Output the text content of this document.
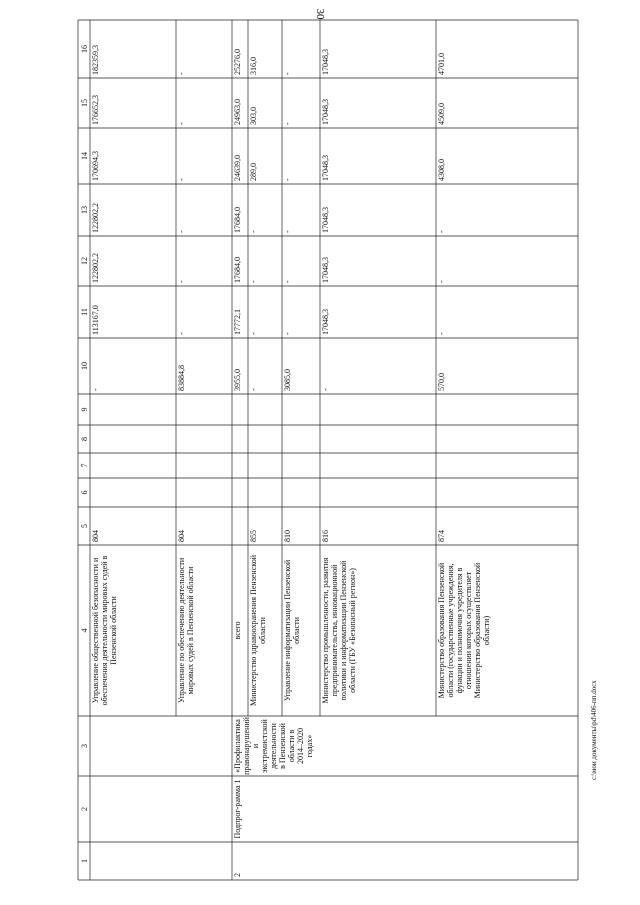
30
1
2
3
4
5
6
7
8
9
10
11
12
13
14
15
16
Управление общественной безопасности и обеспечения деятельности мировых судей в Пензенской области
804
-
113167,0
122802,2
122802,2
170694,3
176652,3
182359,3
Управление по обеспечению деятельности мировых судей в Пензенской области
804
83884,8
-
-
-
-
-
-
2
Подпрог-рамма 1
«Профилактика правонарушений и экстремистской деятельности в Пензенской области в 2014–2020 годах»
всего
3955,0
17772,1
17684,0
17684,0
24639,0
24963,0
25276,0
Министерство здравоохранения Пензенской области
855
-
-
-
-
289,0
303,0
316,0
Управление информатизации Пензенской области
810
3085,0
-
-
-
-
-
-
Министерство промышленности, развития предпринимательства, инновационной политики и информатизации Пензенской области (ГБУ «Безопасный регион»)
816
-
17048,3
17048,3
17048,3
17048,3
17048,3
17048,3
Министерство образования Пензенской области (государственные учреждения, функции и полномочия учредителя в отношении которых осуществляет Министерство образования Пензенской области)
874
570,0
-
-
-
4308,0
4509,0
4701,0
c:\мои документы\pd\406-пп.docx
